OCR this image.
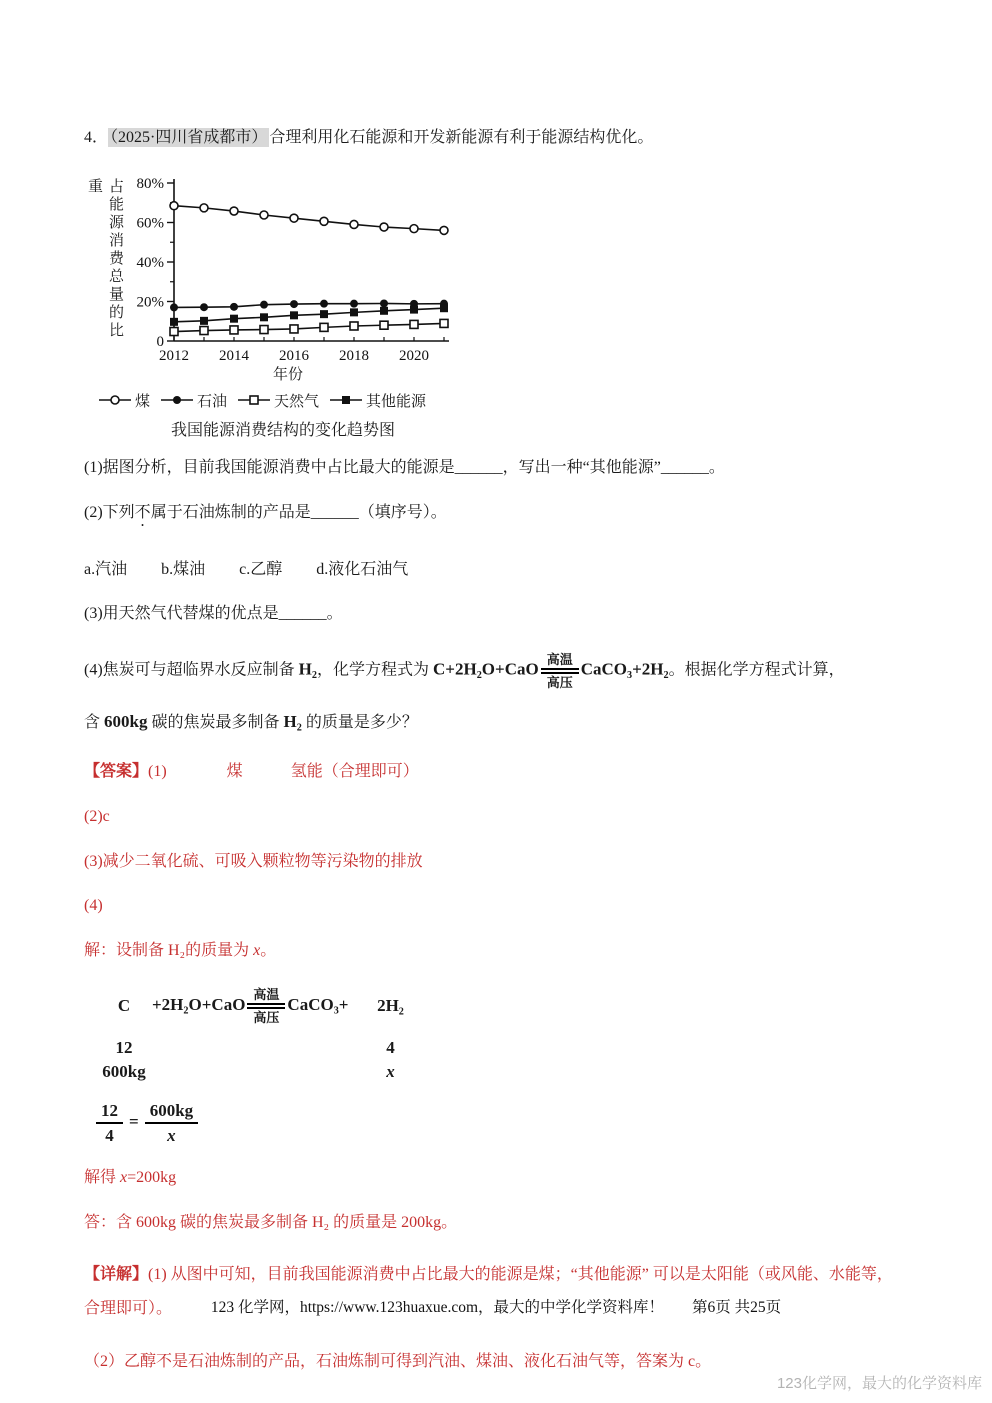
4． （2025·四川省成都市） 合理利用化石能源和开发新能源有利于能源结构优化。

占能源消费总量的比重
0
20%
40%
60%
80%
2012 2014 2016 2018 2020
年份
煤	石油	天然气	其他能源
我国能源消费结构的变化趋势图

(1)据图分析，目前我国能源消费中占比最大的能源是______，写出一种“其他能源”______。

(2)下列不属于石油炼制的产品是______（填序号）。

a.汽油 b.煤油 c.乙醇 d.液化石油气

(3)用天然气代替煤的优点是______。

(4)焦炭可与超临界水反应制备 H₂，化学方程式为 C+2H₂O+CaO
高温
高压
CaCO₃+2H₂。根据化学方程式计算，

含 600kg 碳的焦炭最多制备 H₂ 的质量是多少？

【答案】(1)	煤	氢能（合理即可）

(2)c

(3)减少二氧化硫、可吸入颗粒物等污染物的排放

(4)

解：设制备 H₂的质量为 x。

C	+2H₂O+CaO
高温
高压
CaCO₃+	2H₂
12		4
600kg		x
$\frac{12}{4} = \frac{600kg}{x}$

解得 x=200kg

答：含 600kg 碳的焦炭最多制备 H₂ 的质量是 200kg。

【详解】(1) 从图中可知，目前我国能源消费中占比最大的能源是煤；“其他能源” 可以是太阳能（或风能、水能等，合理即可）。

（2）乙醇不是石油炼制的产品，石油炼制可得到汽油、煤油、液化石油气等，答案为 c。

123 化学网，https://www.123huaxue.com，最大的中学化学资料库！ 第6页 共25页
123化学网，最大的化学资料库
